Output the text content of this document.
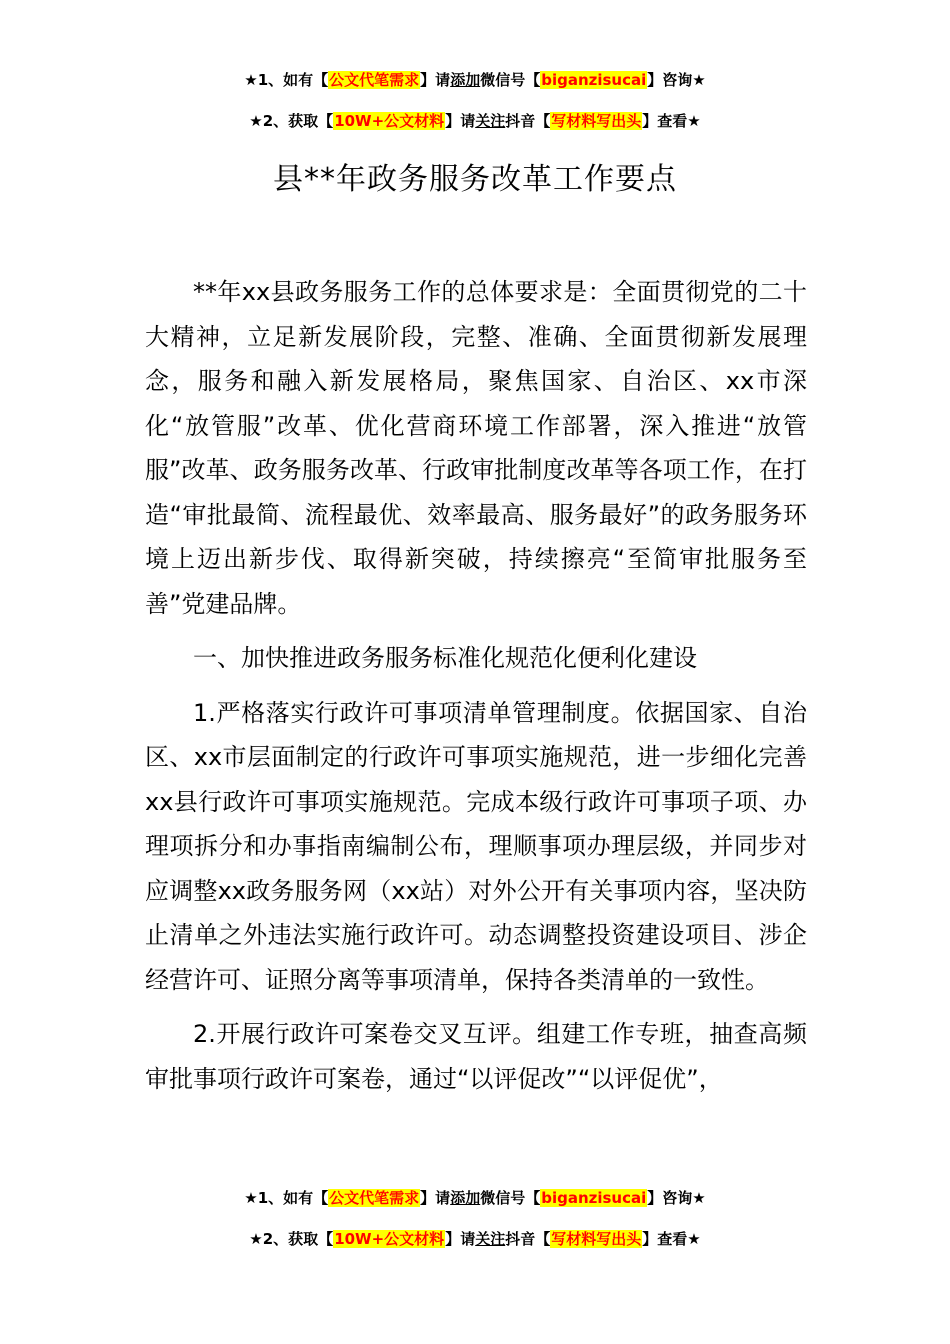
★1、如有【公文代笔需求】请添加微信号【biganzisucai】咨询★
★2、获取【10W+公文材料】请关注抖音【写材料写出头】查看★
县**年政务服务改革工作要点

**年xx县政务服务工作的总体要求是：全面贯彻党的二十大精神，立足新发展阶段，完整、准确、全面贯彻新发展理念，服务和融入新发展格局，聚焦国家、自治区、xx市深化“放管服”改革、优化营商环境工作部署，深入推进“放管服”改革、政务服务改革、行政审批制度改革等各项工作，在打造“审批最简、流程最优、效率最高、服务最好”的政务服务环境上迈出新步伐、取得新突破，持续擦亮“至简审批服务至善”党建品牌。

一、加快推进政务服务标准化规范化便利化建设

1.严格落实行政许可事项清单管理制度。依据国家、自治区、xx市层面制定的行政许可事项实施规范，进一步细化完善xx县行政许可事项实施规范。完成本级行政许可事项子项、办理项拆分和办事指南编制公布，理顺事项办理层级，并同步对应调整xx政务服务网（xx站）对外公开有关事项内容，坚决防止清单之外违法实施行政许可。动态调整投资建设项目、涉企经营许可、证照分离等事项清单，保持各类清单的一致性。

2.开展行政许可案卷交叉互评。组建工作专班，抽查高频审批事项行政许可案卷，通过“以评促改”“以评促优”，

★1、如有【公文代笔需求】请添加微信号【biganzisucai】咨询★
★2、获取【10W+公文材料】请关注抖音【写材料写出头】查看★
